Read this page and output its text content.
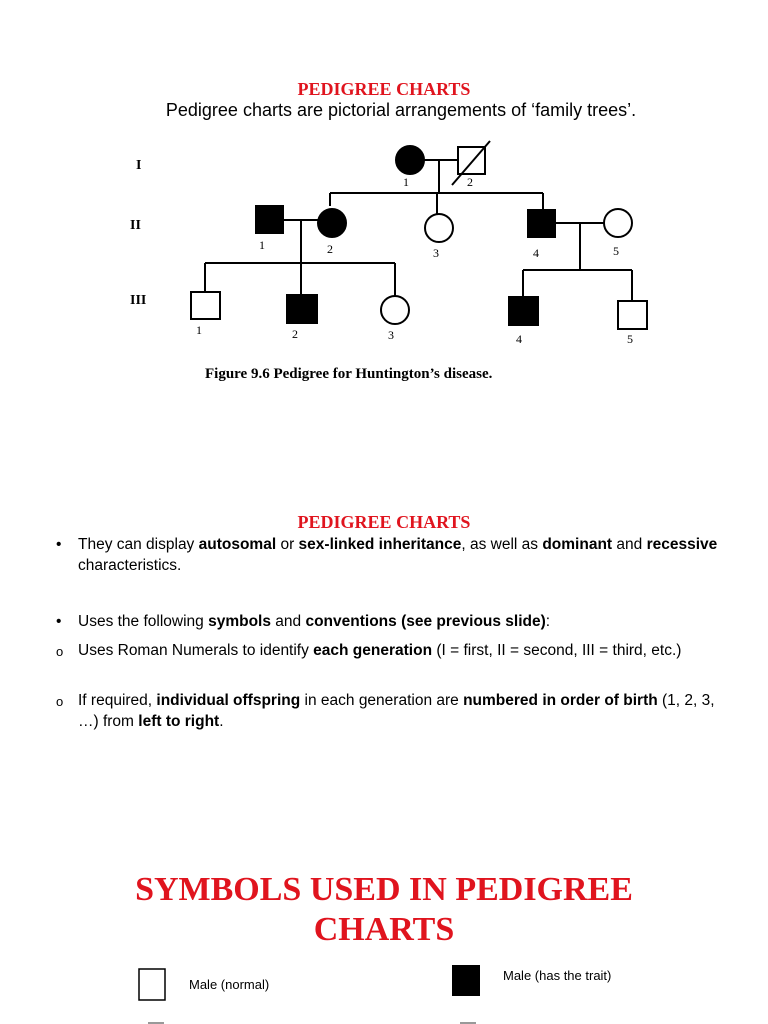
PEDIGREE CHARTS
Pedigree charts are pictorial arrangements of ‘family trees’.
I
II
III
1	2
1	2	3	4	5
1	2	3	4	5
Figure 9.6 Pedigree for Huntington’s disease.
PEDIGREE CHARTS
•	They can display autosomal or sex-linked inheritance, as well as dominant and recessive characteristics.
•	Uses the following symbols and conventions (see previous slide):
o Uses Roman Numerals to identify each generation (I = first, II = second, III = third, etc.)
o If required, individual offspring in each generation are numbered in order of birth (1, 2, 3, …) from left to right.
SYMBOLS USED IN PEDIGREE
CHARTS
Male (normal)
Male (has the trait)
